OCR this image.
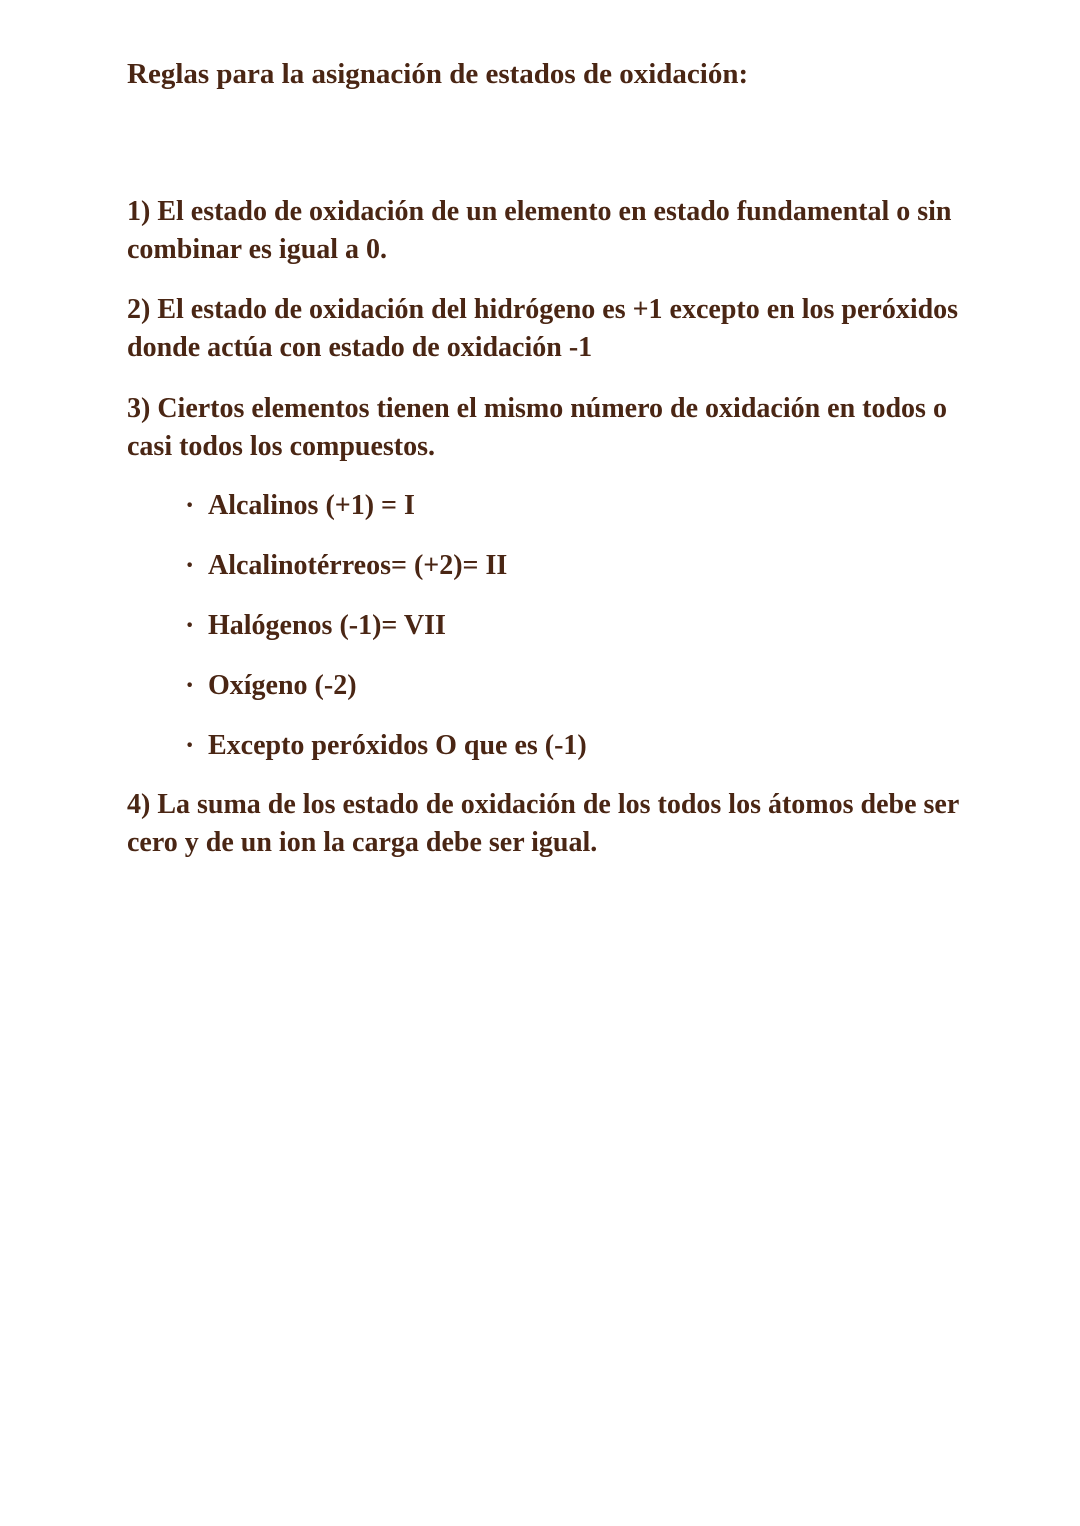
Reglas para la asignación de estados de oxidación:

1) El estado de oxidación de un elemento en estado fundamental o sin combinar es igual a 0.

2) El estado de oxidación del hidrógeno es +1 excepto en los peróxidos donde actúa con estado de oxidación -1

3) Ciertos elementos tienen el mismo número de oxidación en todos o casi todos los compuestos.

· Alcalinos (+1) = I
· Alcalinotérreos= (+2)= II
· Halógenos (-1)= VII
· Oxígeno (-2)
· Excepto peróxidos O que es (-1)

4) La suma de los estado de oxidación de los todos los átomos debe ser cero y de un ion la carga debe ser igual.
